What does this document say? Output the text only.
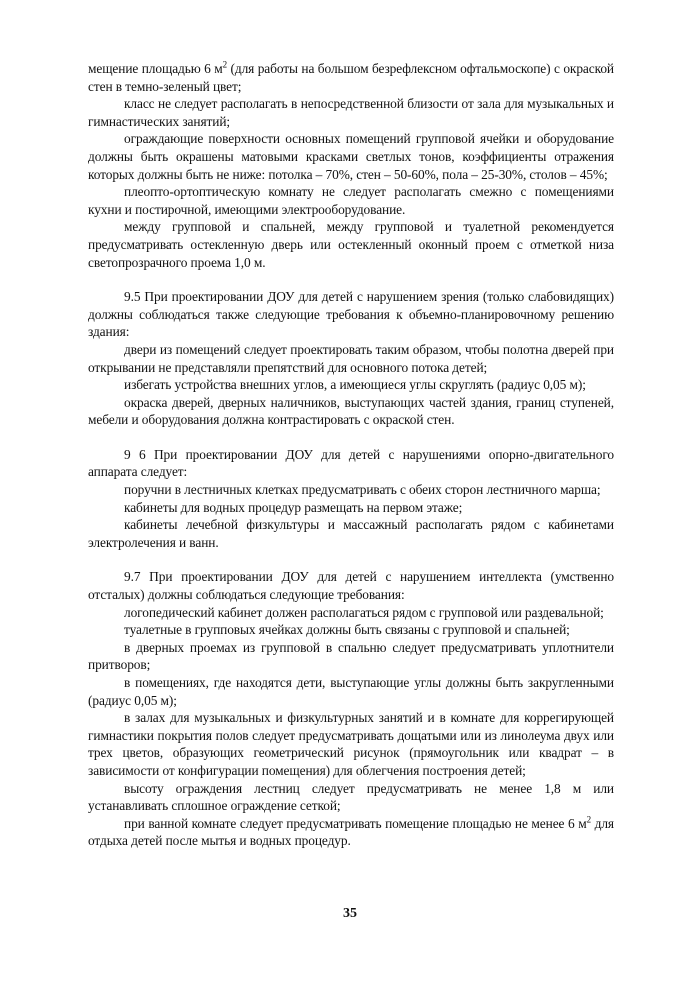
мещение площадью 6 $м^2$ (для работы на большом безрефлексном офтальмоскопе) с окраской стен в темно-зеленый цвет;

класс не следует располагать в непосредственной близости от зала для музыкальных и гимнастических занятий;

ограждающие поверхности основных помещений групповой ячейки и оборудование должны быть окрашены матовыми красками светлых тонов, коэффициенты отражения которых должны быть не ниже: потолка – 70%, стен – 50-60%, пола – 25-30%, столов – 45%;

плеопто-ортоптическую комнату не следует располагать смежно с помещениями кухни и постирочной, имеющими электрооборудование.

между групповой и спальней, между групповой и туалетной рекомендуется предусматривать остекленную дверь или остекленный оконный проем с отметкой низа светопрозрачного проема 1,0 м.

9.5 При проектировании ДОУ для детей с нарушением зрения (только слабовидящих) должны соблюдаться также следующие требования к объемно-планировочному решению здания:

двери из помещений следует проектировать таким образом, чтобы полотна дверей при открывании не представляли препятствий для основного потока детей;

избегать устройства внешних углов, а имеющиеся углы скруглять (радиус 0,05 м);

окраска дверей, дверных наличников, выступающих частей здания, границ ступеней, мебели и оборудования должна контрастировать с окраской стен.

9 6 При проектировании ДОУ для детей с нарушениями опорно-двигательного аппарата следует:

поручни в лестничных клетках предусматривать с обеих сторон лестничного марша;

кабинеты для водных процедур размещать на первом этаже;

кабинеты лечебной физкультуры и массажный располагать рядом с кабинетами электролечения и ванн.

9.7 При проектировании ДОУ для детей с нарушением интеллекта (умственно отсталых) должны соблюдаться следующие требования:

логопедический кабинет должен располагаться рядом с групповой или раздевальной;

туалетные в групповых ячейках должны быть связаны с групповой и спальней;

в дверных проемах из групповой в спальню следует предусматривать уплотнители притворов;

в помещениях, где находятся дети, выступающие углы должны быть закругленными (радиус 0,05 м);

в залах для музыкальных и физкультурных занятий и в комнате для коррегирующей гимнастики покрытия полов следует предусматривать дощатыми или из линолеума двух или трех цветов, образующих геометрический рисунок (прямоугольник или квадрат – в зависимости от конфигурации помещения) для облегчения построения детей;

высоту ограждения лестниц следует предусматривать не менее 1,8 м или устанавливать сплошное ограждение сеткой;

при ванной комнате следует предусматривать помещение площадью не менее 6 $м^2$ для отдыха детей после мытья и водных процедур.

35
